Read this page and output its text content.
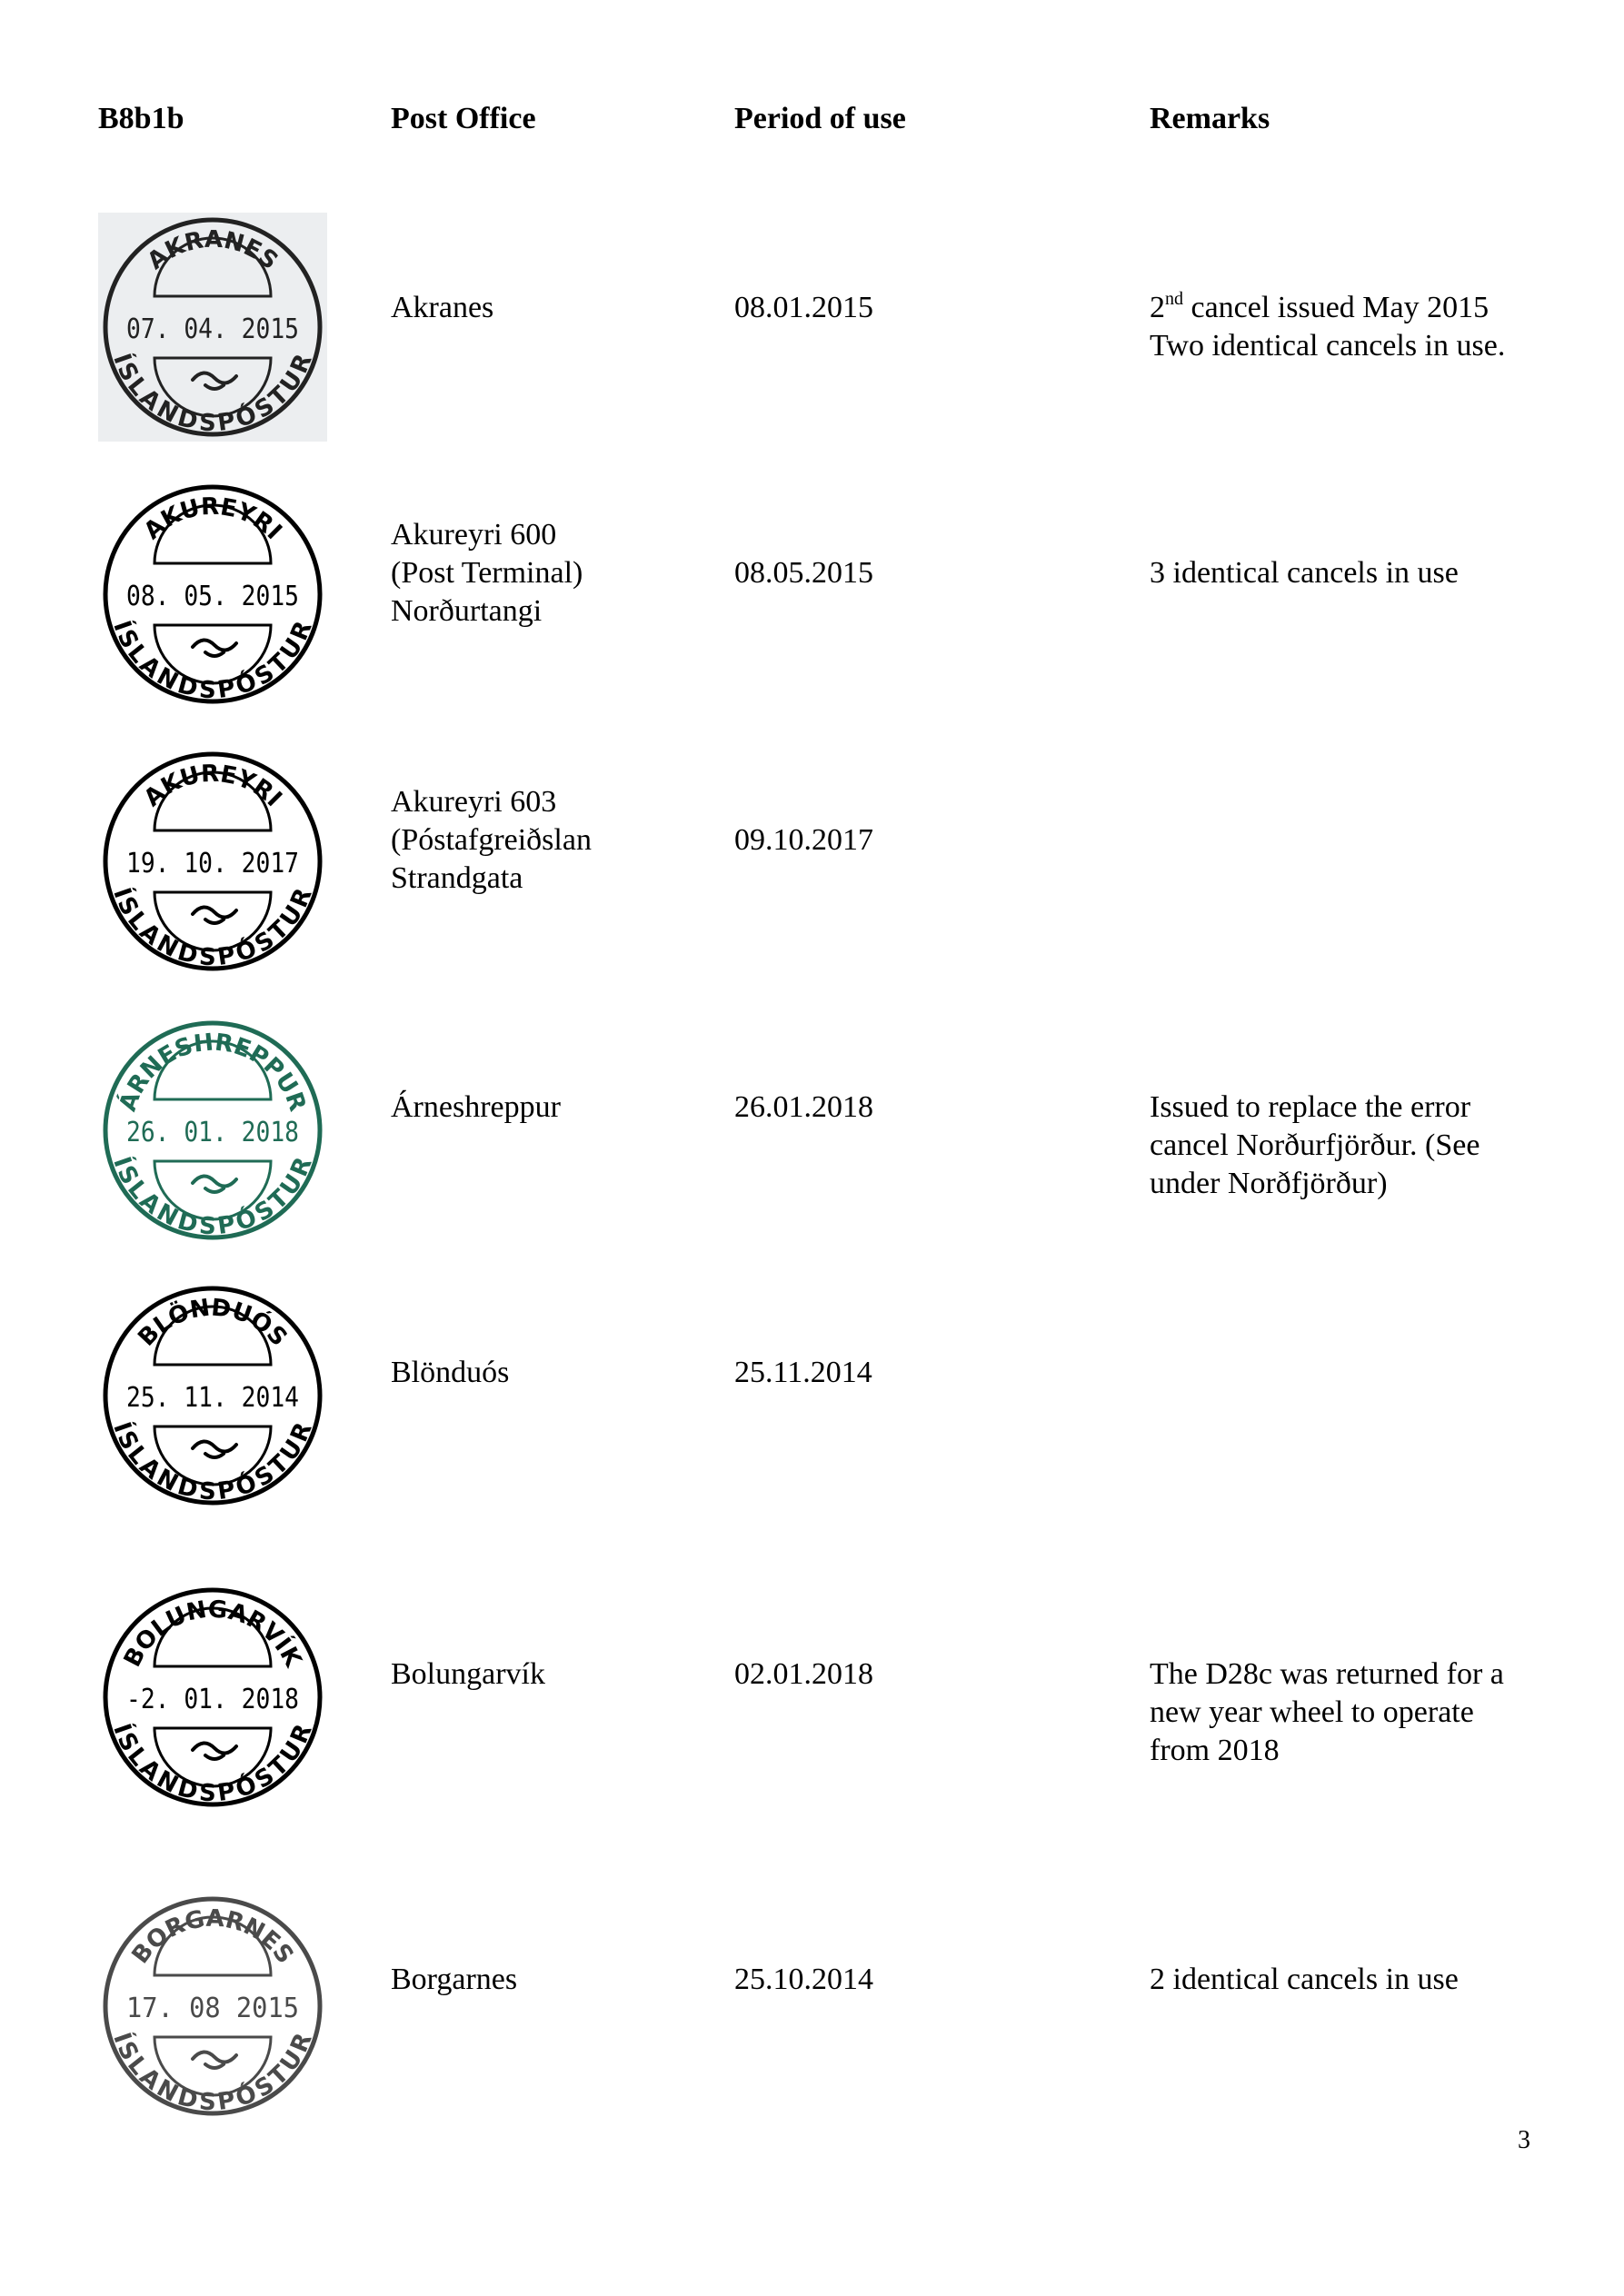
B8b1b	Post Office	Period of use	Remarks
AKRANES
ÍSLANDSPÓSTUR
07. 04. 2015
Akranes	08.01.2015	2nd cancel issued May 2015
Two identical cancels in use.
AKUREYRI
ÍSLANDSPÓSTUR
08. 05. 2015
Akureyri 600
(Post Terminal)
Norðurtangi
08.05.2015	3 identical cancels in use
AKUREYRI
ÍSLANDSPÓSTUR
19. 10. 2017
Akureyri 603
(Póstafgreiðslan
Strandgata
09.10.2017
ÁRNESHREPPUR
ÍSLANDSPÓSTUR
26. 01. 2018
Árneshreppur	26.01.2018	Issued to replace the error
cancel Norðurfjörður. (See
under Norðfjörður)
BLÖNDUÓS
ÍSLANDSPÓSTUR
25. 11. 2014
Blönduós	25.11.2014
BOLUNGARVÍK
ÍSLANDSPÓSTUR
-2. 01. 2018
Bolungarvík	02.01.2018	The D28c was returned for a
new year wheel to operate
from 2018
BORGARNES
ÍSLANDSPÓSTUR
17. 08 2015
Borgarnes	25.10.2014	2 identical cancels in use
3
